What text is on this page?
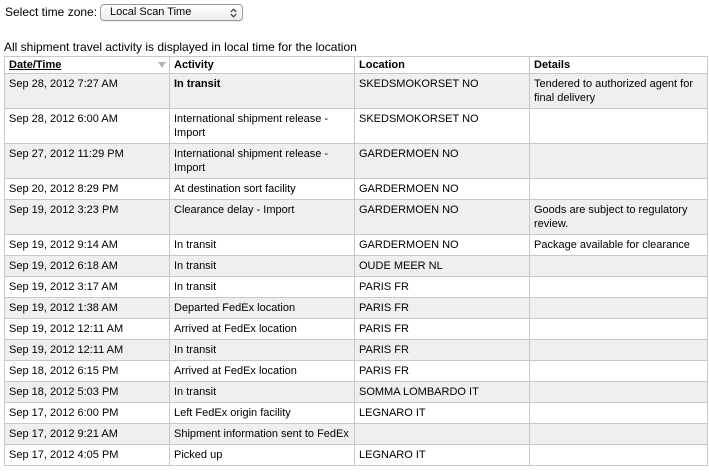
Select time zone: Local Scan Time
All shipment travel activity is displayed in local time for the location
Date/Time	Activity	Location	Details
Sep 28, 2012 7:27 AM	In transit	SKEDSMOKORSET NO	Tendered to authorized agent for final delivery
Sep 28, 2012 6:00 AM	International shipment release - Import	SKEDSMOKORSET NO	
Sep 27, 2012 11:29 PM	International shipment release - Import	GARDERMOEN NO	
Sep 20, 2012 8:29 PM	At destination sort facility	GARDERMOEN NO	
Sep 19, 2012 3:23 PM	Clearance delay - Import	GARDERMOEN NO	Goods are subject to regulatory review.
Sep 19, 2012 9:14 AM	In transit	GARDERMOEN NO	Package available for clearance
Sep 19, 2012 6:18 AM	In transit	OUDE MEER NL	
Sep 19, 2012 3:17 AM	In transit	PARIS FR	
Sep 19, 2012 1:38 AM	Departed FedEx location	PARIS FR	
Sep 19, 2012 12:11 AM	Arrived at FedEx location	PARIS FR	
Sep 19, 2012 12:11 AM	In transit	PARIS FR	
Sep 18, 2012 6:15 PM	Arrived at FedEx location	PARIS FR	
Sep 18, 2012 5:03 PM	In transit	SOMMA LOMBARDO IT	
Sep 17, 2012 6:00 PM	Left FedEx origin facility	LEGNARO IT	
Sep 17, 2012 9:21 AM	Shipment information sent to FedEx		
Sep 17, 2012 4:05 PM	Picked up	LEGNARO IT	
